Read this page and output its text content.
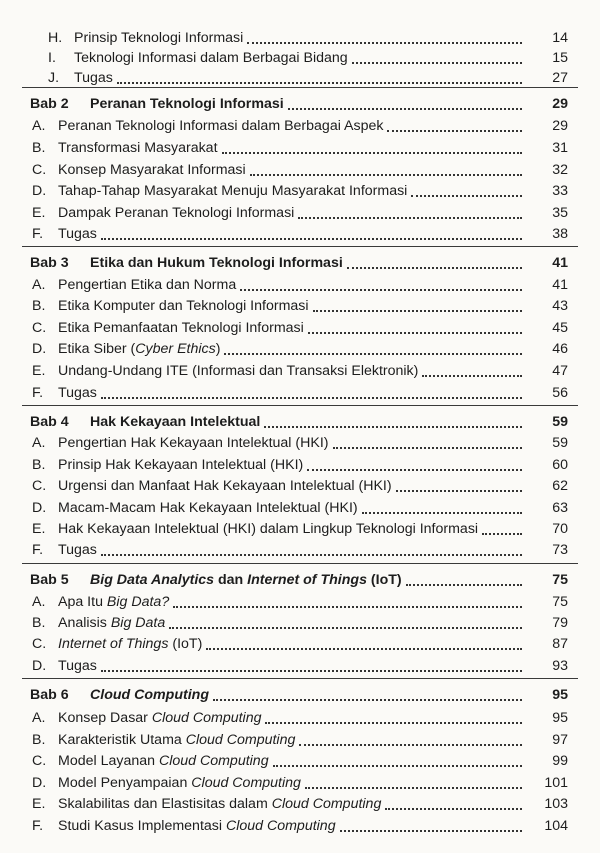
H. Prinsip Teknologi Informasi	14
I. Teknologi Informasi dalam Berbagai Bidang	15
J. Tugas	27
Bab 2 Peranan Teknologi Informasi	29
A. Peranan Teknologi Informasi dalam Berbagai Aspek	29
B. Transformasi Masyarakat	31
C. Konsep Masyarakat Informasi	32
D. Tahap-Tahap Masyarakat Menuju Masyarakat Informasi	33
E. Dampak Peranan Teknologi Informasi	35
F. Tugas	38
Bab 3 Etika dan Hukum Teknologi Informasi	41
A. Pengertian Etika dan Norma	41
B. Etika Komputer dan Teknologi Informasi	43
C. Etika Pemanfaatan Teknologi Informasi	45
D. Etika Siber (Cyber Ethics)	46
E. Undang-Undang ITE (Informasi dan Transaksi Elektronik)	47
F. Tugas	56
Bab 4 Hak Kekayaan Intelektual	59
A. Pengertian Hak Kekayaan Intelektual (HKI)	59
B. Prinsip Hak Kekayaan Intelektual (HKI)	60
C. Urgensi dan Manfaat Hak Kekayaan Intelektual (HKI)	62
D. Macam-Macam Hak Kekayaan Intelektual (HKI)	63
E. Hak Kekayaan Intelektual (HKI) dalam Lingkup Teknologi Informasi	70
F. Tugas	73
Bab 5 Big Data Analytics dan Internet of Things (IoT)	75
A. Apa Itu Big Data?	75
B. Analisis Big Data	79
C. Internet of Things (IoT)	87
D. Tugas	93
Bab 6 Cloud Computing	95
A. Konsep Dasar Cloud Computing	95
B. Karakteristik Utama Cloud Computing	97
C. Model Layanan Cloud Computing	99
D. Model Penyampaian Cloud Computing	101
E. Skalabilitas dan Elastisitas dalam Cloud Computing	103
F. Studi Kasus Implementasi Cloud Computing	104
